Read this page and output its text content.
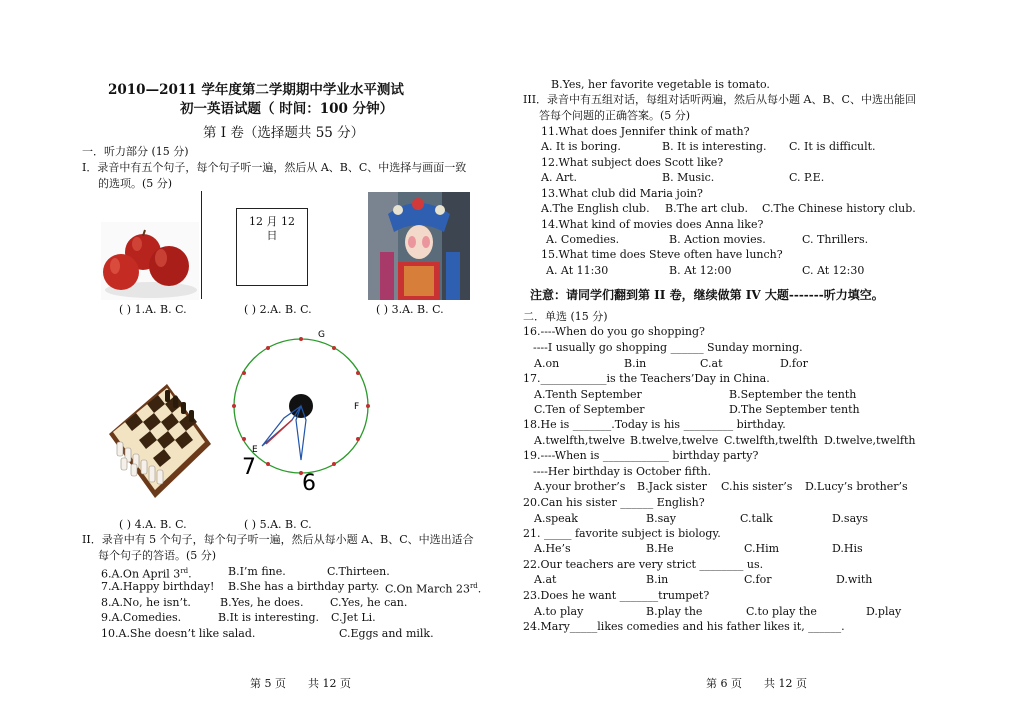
2010—2011 学年度第二学期期中学业水平测试
初一英语试题（ 时间：100 分钟）
第 I 卷（选择题共 55 分）
一．听力部分 (15 分)
I．录音中有五个句子，每个句子听一遍，然后从 A、B、C、中选择与画面一致
的选项。(5 分)
12 月 12
日
( ) 1.A. B. C.	( ) 2.A. B. C.	( ) 3.A. B. C.
G
F
E
7
6
( ) 4.A. B. C.	( ) 5.A. B. C.
II．录音中有 5 个句子，每个句子听一遍，然后从每小题 A、B、C、中选出适合
每个句子的答语。(5 分)
6.A.On April 3rd.	B.I’m fine.	C.Thirteen.
7.A.Happy birthday! B.She has a birthday party. C.On March 23rd.
8.A.No, he isn’t.	B.Yes, he does. C.Yes, he can.
9.A.Comedies.	B.It is interesting. C.Jet Li.
10.A.She doesn’t like salad.	C.Eggs and milk.
第 5 页　　共 12 页
B.Yes, her favorite vegetable is tomato.
III．录音中有五组对话，每组对话听两遍，然后从每小题 A、B、C、中选出能回
答每个问题的正确答案。(5 分)
11.What does Jennifer think of math?
A. It is boring.	B. It is interesting. C. It is difficult.
12.What subject does Scott like?
A. Art.	B. Music.	C. P.E.
13.What club did Maria join?
A.The English club. B.The art club. C.The Chinese history club.
14.What kind of movies does Anna like?
A. Comedies.	B. Action movies.	C. Thrillers.
15.What time does Steve often have lunch?
A. At 11:30	B. At 12:00	C. At 12:30
注意：请同学们翻到第 II 卷，继续做第 IV 大题-------听力填空。
二．单选 (15 分)
16.----When do you go shopping?
----I usually go shopping ______ Sunday morning.
A.on	B.in	C.at	D.for
17.____________is the Teachers’Day in China.
A.Tenth September	B.September the tenth
C.Ten of September	D.The September tenth
18.He is _______.Today is his _________ birthday.
A.twelfth,twelve B.twelve,twelve C.twelfth,twelfth D.twelve,twelfth
19.----When is ____________ birthday party?
----Her birthday is October fifth.
A.your brother’s B.Jack sister C.his sister’s D.Lucy’s brother’s
20.Can his sister ______ English?
A.speak	B.say	C.talk	D.says
21. _____ favorite subject is biology.
A.He’s	B.He	C.Him	D.His
22.Our teachers are very strict ________ us.
A.at	B.in	C.for	D.with
23.Does he want _______trumpet?
A.to play	B.play the	C.to play the	D.play
24.Mary_____likes comedies and his father likes it, ______.
第 6 页　　共 12 页
